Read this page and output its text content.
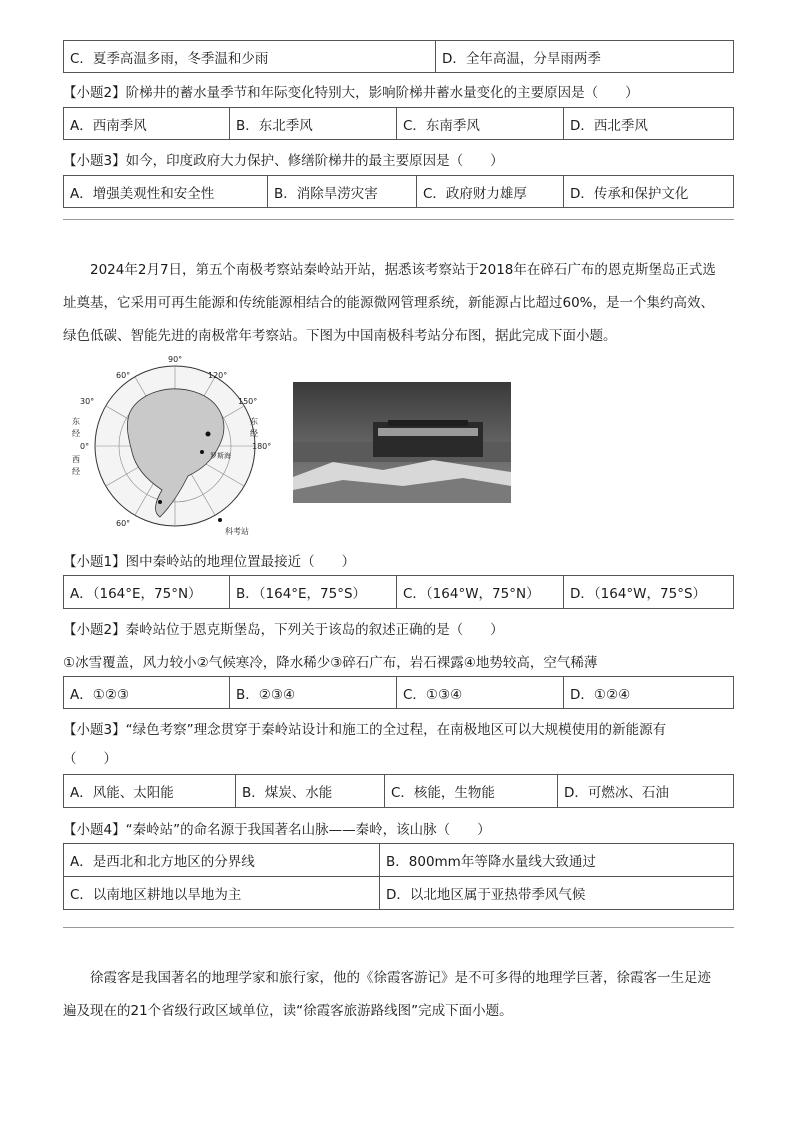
C．夏季高温多雨，冬季温和少雨	D．全年高温，分旱雨两季
【小题2】阶梯井的蓄水量季节和年际变化特别大，影响阶梯井蓄水量变化的主要原因是（　　）
A．西南季风	B．东北季风	C．东南季风	D．西北季风
【小题3】如今，印度政府大力保护、修缮阶梯井的最主要原因是（　　）
A．增强美观性和安全性	B．消除旱涝灾害	C．政府财力雄厚	D．传承和保护文化
2024年2月7日，第五个南极考察站秦岭站开站，据悉该考察站于2018年在碎石广布的恩克斯堡岛正式选
址奠基，它采用可再生能源和传统能源相结合的能源微网管理系统，新能源占比超过60%，是一个集约高效、
绿色低碳、智能先进的南极常年考察站。下图为中国南极科考站分布图，据此完成下面小题。
90°
60°	120°
30°	150°
0°	180°
东
经
西
经
东
经
罗斯海
60°
科考站
【小题1】图中秦岭站的地理位置最接近（　　）
A．（164°E，75°N）	B．（164°E，75°S）	C．（164°W，75°N）	D．（164°W，75°S）
【小题2】秦岭站位于恩克斯堡岛，下列关于该岛的叙述正确的是（　　）
①冰雪覆盖，风力较小②气候寒冷，降水稀少③碎石广布，岩石裸露④地势较高，空气稀薄
A．①②③	B．②③④	C．①③④	D．①②④
【小题3】“绿色考察”理念贯穿于秦岭站设计和施工的全过程，在南极地区可以大规模使用的新能源有
（　　）
A．风能、太阳能	B．煤炭、水能	C．核能，生物能	D．可燃冰、石油
【小题4】“秦岭站”的命名源于我国著名山脉——秦岭，该山脉（　　）
A．是西北和北方地区的分界线	B．800mm年等降水量线大致通过
C．以南地区耕地以旱地为主	D．以北地区属于亚热带季风气候
徐霞客是我国著名的地理学家和旅行家，他的《徐霞客游记》是不可多得的地理学巨著，徐霞客一生足迹
遍及现在的21个省级行政区域单位，读“徐霞客旅游路线图”完成下面小题。
